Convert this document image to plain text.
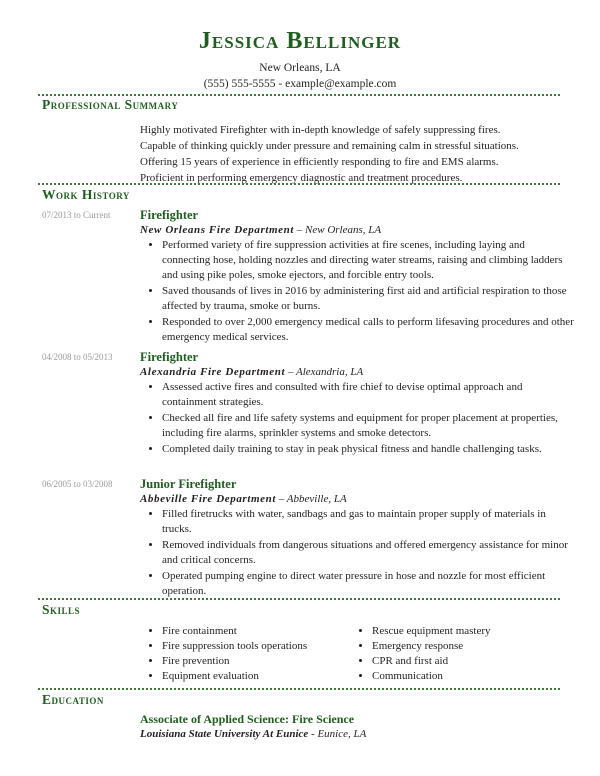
Jessica Bellinger
New Orleans, LA
(555) 555-5555 - example@example.com
Professional Summary

Highly motivated Firefighter with in-depth knowledge of safely suppressing fires.

Capable of thinking quickly under pressure and remaining calm in stressful situations.

Offering 15 years of experience in efficiently responding to fire and EMS alarms.

Proficient in performing emergency diagnostic and treatment procedures.

Work History
07/2013 to Current Firefighter
New Orleans Fire Department – New Orleans, LA
• Performed variety of fire suppression activities at fire scenes, including laying and connecting hose, holding nozzles and directing water streams, raising and climbing ladders and using pike poles, smoke ejectors, and forcible entry tools.
• Saved thousands of lives in 2016 by administering first aid and artificial respiration to those affected by trauma, smoke or burns.
• Responded to over 2,000 emergency medical calls to perform lifesaving procedures and other emergency medical services.
04/2008 to 05/2013 Firefighter
Alexandria Fire Department – Alexandria, LA
• Assessed active fires and consulted with fire chief to devise optimal approach and containment strategies.
• Checked all fire and life safety systems and equipment for proper placement at properties, including fire alarms, sprinkler systems and smoke detectors.
• Completed daily training to stay in peak physical fitness and handle challenging tasks.
06/2005 to 03/2008 Junior Firefighter
Abbeville Fire Department – Abbeville, LA
• Filled firetrucks with water, sandbags and gas to maintain proper supply of materials in trucks.
• Removed individuals from dangerous situations and offered emergency assistance for minor and critical concerns.
• Operated pumping engine to direct water pressure in hose and nozzle for most efficient operation.
Skills
• Fire containment
• Fire suppression tools operations
• Fire prevention
• Equipment evaluation
• Rescue equipment mastery
• Emergency response
• CPR and first aid
• Communication
Education
Associate of Applied Science: Fire Science
Louisiana State University At Eunice - Eunice, LA
